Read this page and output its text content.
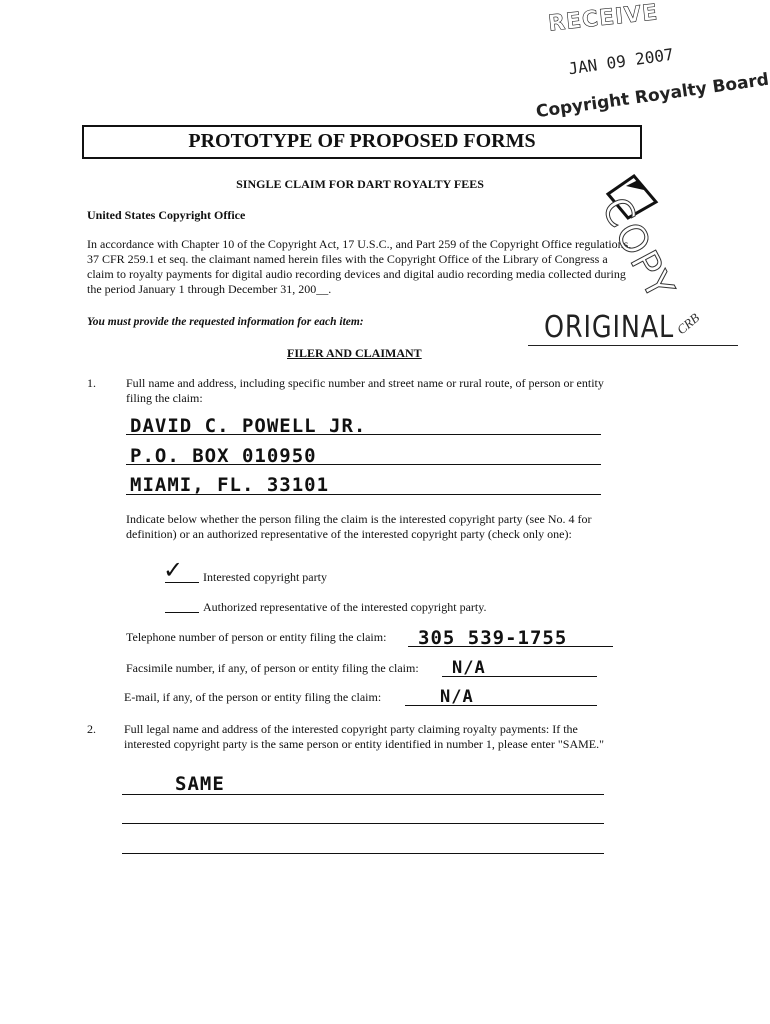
RECEIVE
JAN 09 2007
Copyright Royalty Board
PROTOTYPE OF PROPOSED FORMS
SINGLE CLAIM FOR DART ROYALTY FEES
United States Copyright Office
In accordance with Chapter 10 of the Copyright Act, 17 U.S.C., and Part 259 of the Copyright Office regulations, 37 CFR 259.1 et seq. the claimant named herein files with the Copyright Office of the Library of Congress a claim to royalty payments for digital audio recording devices and digital audio recording media collected during the period January 1 through December 31, 200__.	COPY
ORIGINAL CRB
You must provide the requested information for each item:
FILER AND CLAIMANT
1.	Full name and address, including specific number and street name or rural route, of person or entity filing the claim:
DAVID C. POWELL JR.
P.O. BOX 010950
MIAMI, FL. 33101
Indicate below whether the person filing the claim is the interested copyright party (see No. 4 for definition) or an authorized representative of the interested copyright party (check only one):
✓ Interested copyright party
Authorized representative of the interested copyright party.
Telephone number of person or entity filing the claim: 305 539-1755
Facsimile number, if any, of person or entity filing the claim: N/A
E-mail, if any, of the person or entity filing the claim:	N/A
2. Full legal name and address of the interested copyright party claiming royalty payments: If the interested copyright party is the same person or entity identified in number 1, please enter "SAME."
SAME
